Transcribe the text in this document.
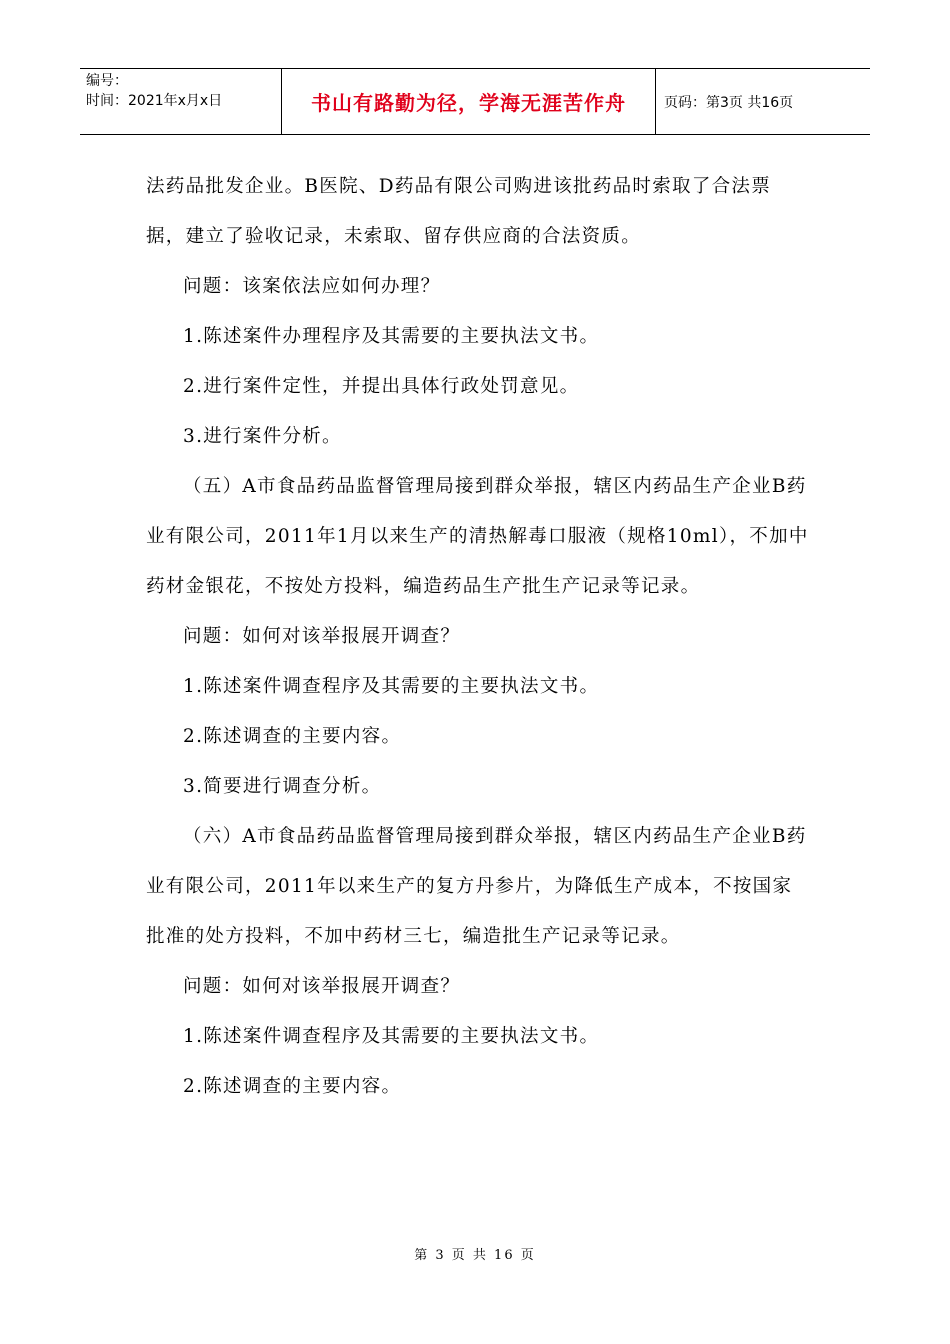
编号：
时间：2021年x月x日	书山有路勤为径，学海无涯苦作舟	页码：第3页 共16页

法药品批发企业。B医院、D药品有限公司购进该批药品时索取了合法票据，建立了验收记录，未索取、留存供应商的合法资质。

问题：该案依法应如何办理？

1.陈述案件办理程序及其需要的主要执法文书。

2.进行案件定性，并提出具体行政处罚意见。

3.进行案件分析。

（五）A市食品药品监督管理局接到群众举报，辖区内药品生产企业B药业有限公司，2011年1月以来生产的清热解毒口服液（规格10ml），不加中药材金银花，不按处方投料，编造药品生产批生产记录等记录。

问题：如何对该举报展开调查？

1.陈述案件调查程序及其需要的主要执法文书。

2.陈述调查的主要内容。

3.简要进行调查分析。

（六）A市食品药品监督管理局接到群众举报，辖区内药品生产企业B药业有限公司，2011年以来生产的复方丹参片，为降低生产成本，不按国家批准的处方投料，不加中药材三七，编造批生产记录等记录。

问题：如何对该举报展开调查？

1.陈述案件调查程序及其需要的主要执法文书。

2.陈述调查的主要内容。

第 3 页 共 16 页
